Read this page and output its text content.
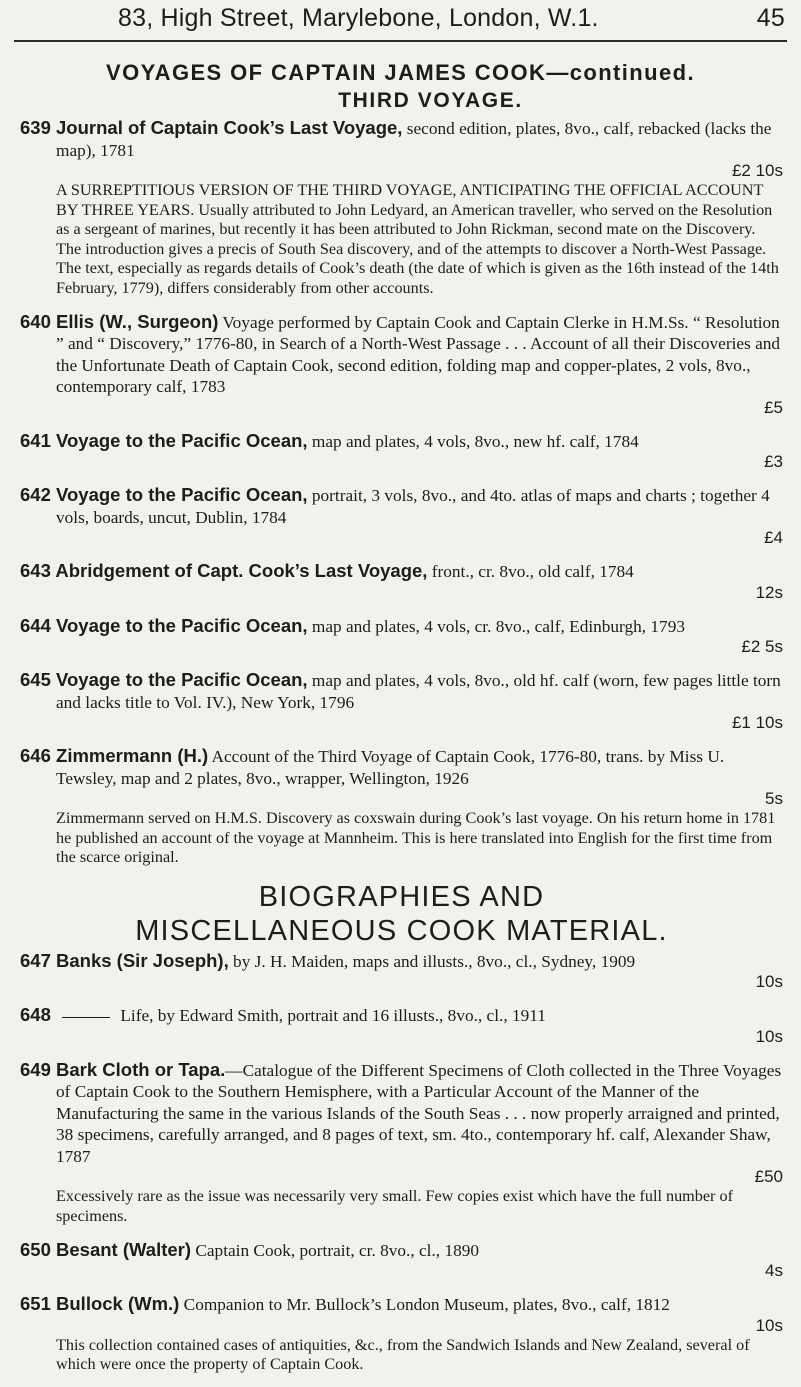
83, High Street, Marylebone, London, W.1.	45
VOYAGES OF CAPTAIN JAMES COOK—continued.
THIRD VOYAGE.
639 Journal of Captain Cook’s Last Voyage, second edition, plates, 8vo., calf, rebacked (lacks the map), 1781
£2 10s
A SURREPTITIOUS VERSION OF THE THIRD VOYAGE, ANTICIPATING THE OFFICIAL ACCOUNT BY THREE YEARS. Usually attributed to John Ledyard, an American traveller, who served on the Resolution as a sergeant of marines, but recently it has been attributed to John Rickman, second mate on the Discovery. The introduction gives a precis of South Sea discovery, and of the attempts to discover a North-West Passage. The text, especially as regards details of Cook’s death (the date of which is given as the 16th instead of the 14th February, 1779), differs considerably from other accounts.
640 Ellis (W., Surgeon) Voyage performed by Captain Cook and Captain Clerke in H.M.Ss. “ Resolution ” and “ Discovery,” 1776-80, in Search of a North-West Passage . . . Account of all their Discoveries and the Unfortunate Death of Captain Cook, second edition, folding map and copper-plates, 2 vols, 8vo., contemporary calf, 1783
£5
641 Voyage to the Pacific Ocean, map and plates, 4 vols, 8vo., new hf. calf, 1784
£3
642 Voyage to the Pacific Ocean, portrait, 3 vols, 8vo., and 4to. atlas of maps and charts ; together 4 vols, boards, uncut, Dublin, 1784
£4
643 Abridgement of Capt. Cook’s Last Voyage, front., cr. 8vo., old calf, 1784
12s
644 Voyage to the Pacific Ocean, map and plates, 4 vols, cr. 8vo., calf, Edinburgh, 1793
£2 5s
645 Voyage to the Pacific Ocean, map and plates, 4 vols, 8vo., old hf. calf (worn, few pages little torn and lacks title to Vol. IV.), New York, 1796
£1 10s
646 Zimmermann (H.) Account of the Third Voyage of Captain Cook, 1776-80, trans. by Miss U. Tewsley, map and 2 plates, 8vo., wrapper, Wellington, 1926
5s
Zimmermann served on H.M.S. Discovery as coxswain during Cook’s last voyage. On his return home in 1781 he published an account of the voyage at Mannheim. This is here translated into English for the first time from the scarce original.
BIOGRAPHIES AND
MISCELLANEOUS COOK MATERIAL.
647 Banks (Sir Joseph), by J. H. Maiden, maps and illusts., 8vo., cl., Sydney, 1909
10s
648	Life, by Edward Smith, portrait and 16 illusts., 8vo., cl., 1911
10s
649 Bark Cloth or Tapa.—Catalogue of the Different Specimens of Cloth collected in the Three Voyages of Captain Cook to the Southern Hemisphere, with a Particular Account of the Manner of the Manufacturing the same in the various Islands of the South Seas . . . now properly arraigned and printed, 38 specimens, carefully arranged, and 8 pages of text, sm. 4to., contemporary hf. calf, Alexander Shaw, 1787
£50
Excessively rare as the issue was necessarily very small. Few copies exist which have the full number of specimens.
650 Besant (Walter) Captain Cook, portrait, cr. 8vo., cl., 1890
4s
651 Bullock (Wm.) Companion to Mr. Bullock’s London Museum, plates, 8vo., calf, 1812
10s
This collection contained cases of antiquities, &c., from the Sandwich Islands and New Zealand, several of which were once the property of Captain Cook.
